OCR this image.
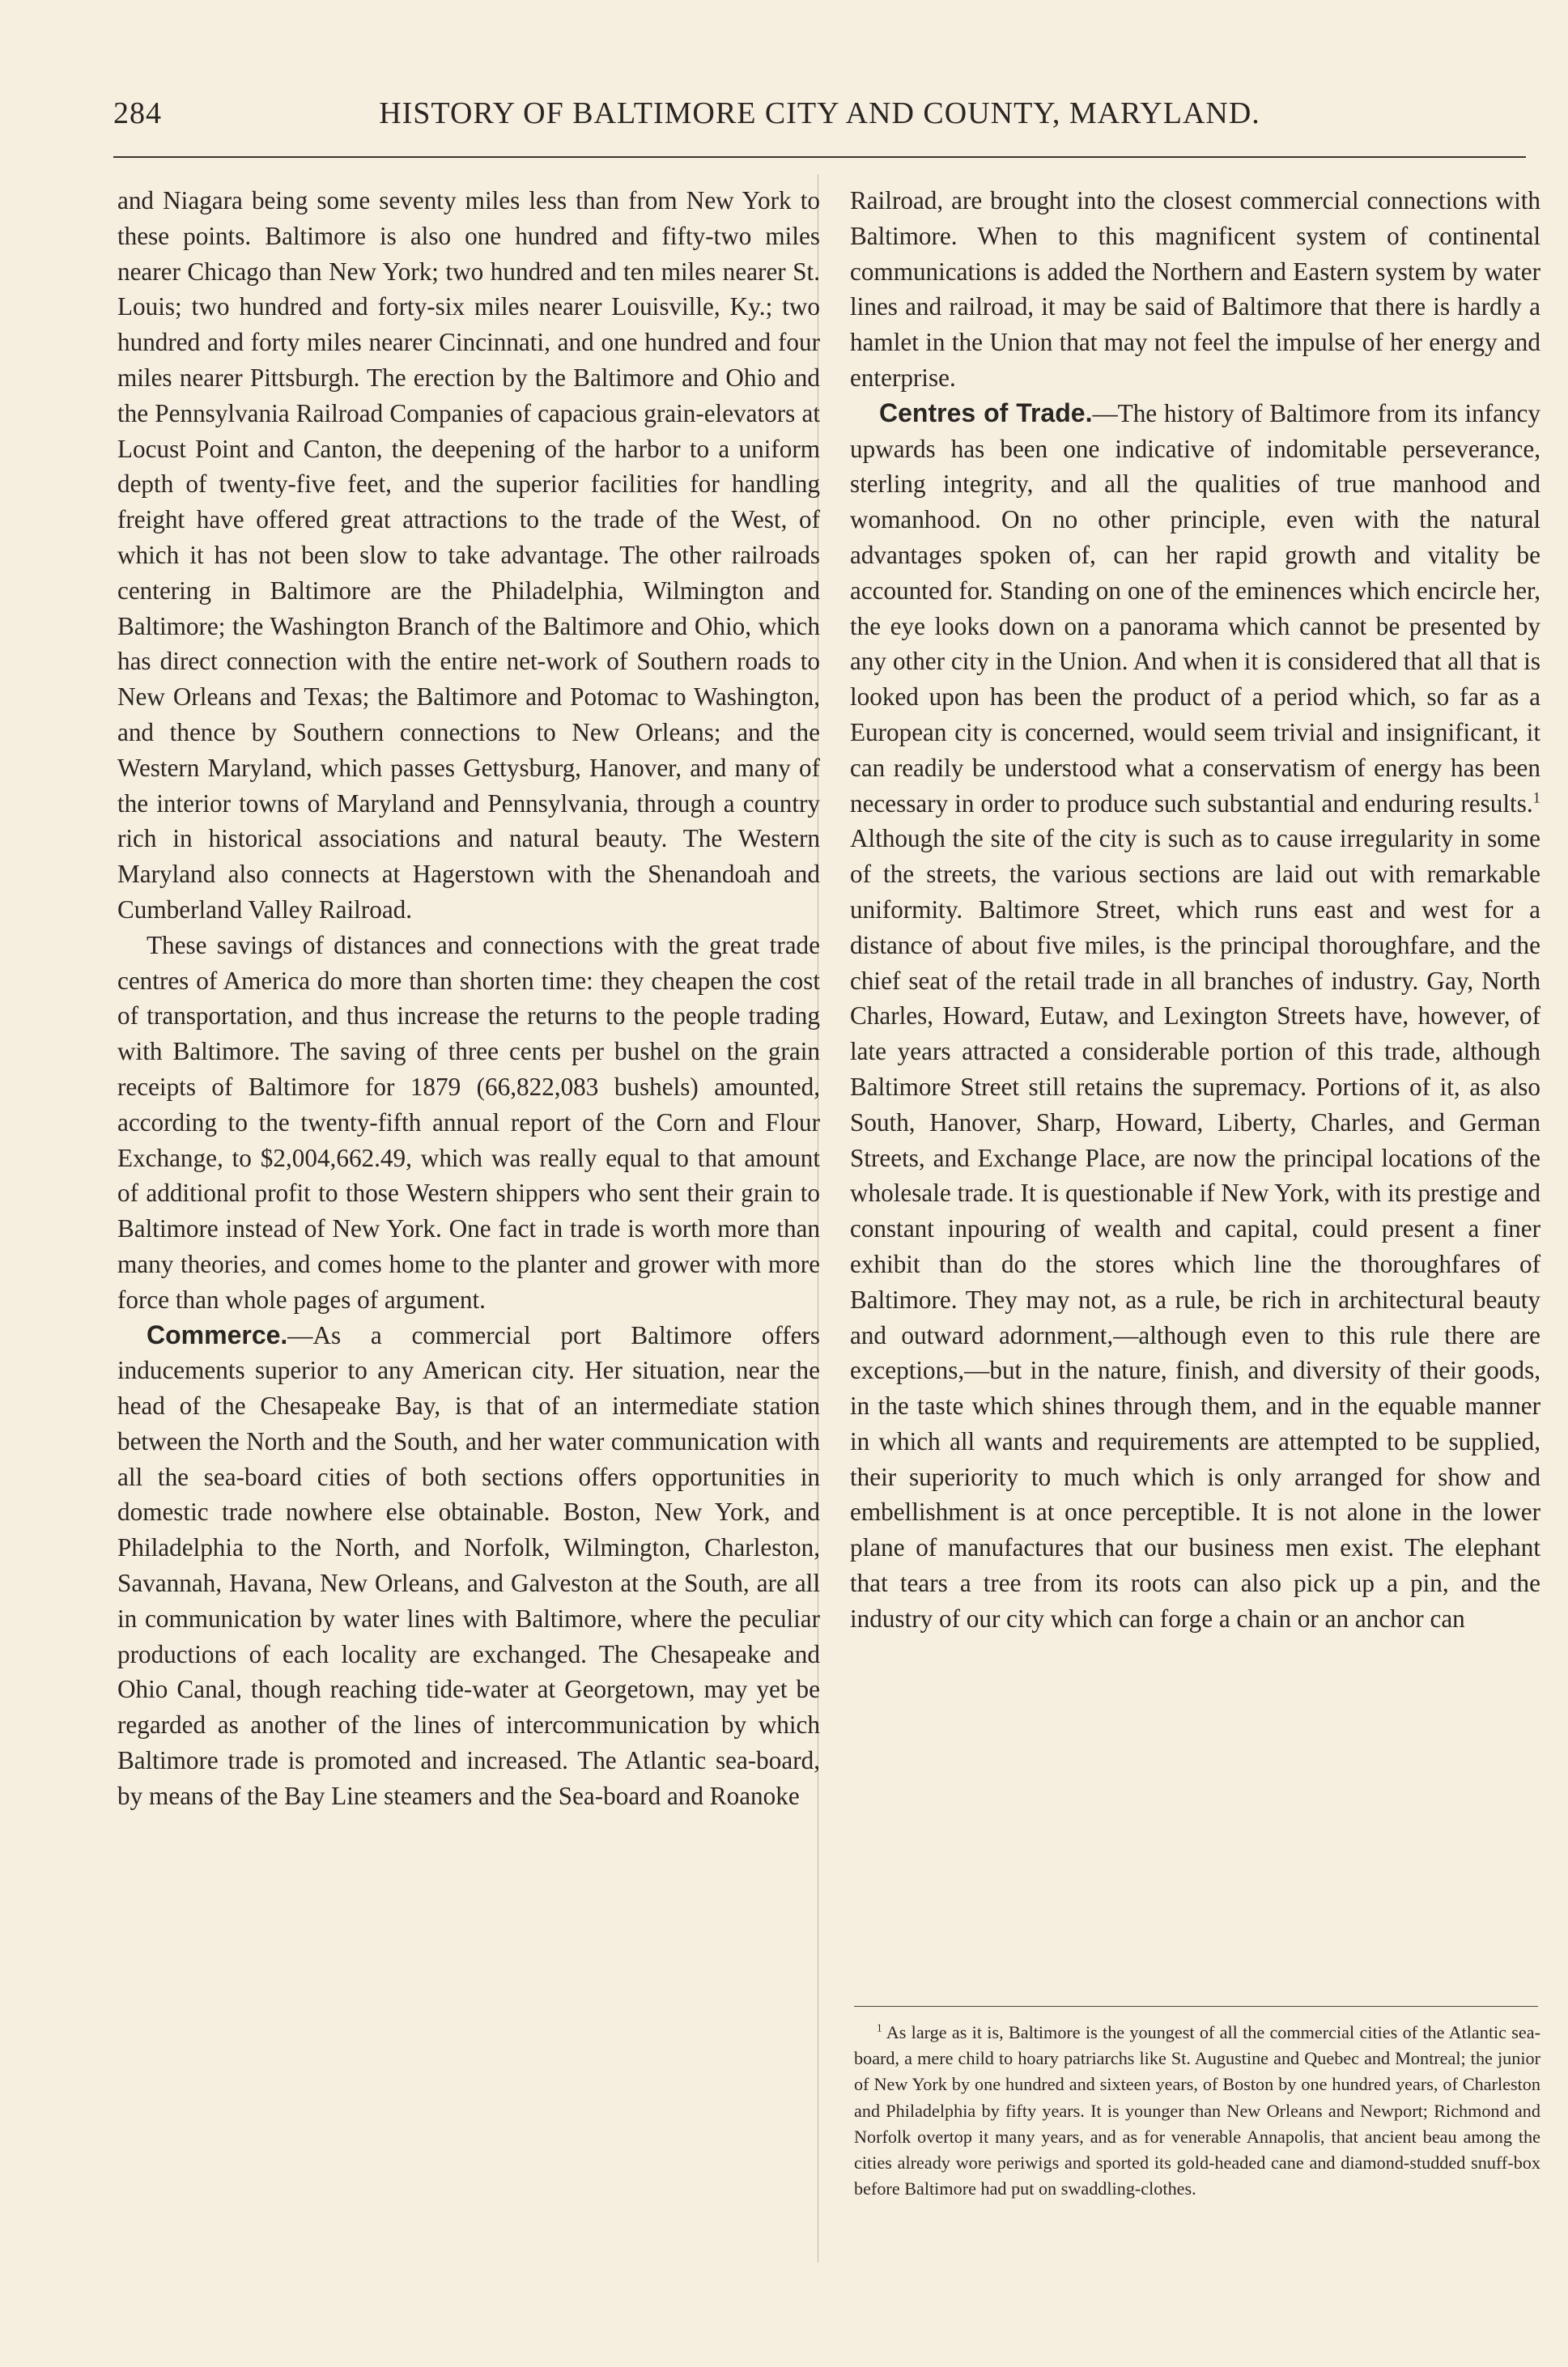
284	HISTORY OF BALTIMORE CITY AND COUNTY, MARYLAND.

and Niagara being some seventy miles less than from New York to these points. Baltimore is also one hundred and fifty-two miles nearer Chicago than New York; two hundred and ten miles nearer St. Louis; two hundred and forty-six miles nearer Louisville, Ky.; two hundred and forty miles nearer Cincinnati, and one hundred and four miles nearer Pittsburgh. The erection by the Baltimore and Ohio and the Pennsylvania Railroad Companies of capacious grain-elevators at Locust Point and Canton, the deepening of the harbor to a uniform depth of twenty-five feet, and the superior facilities for handling freight have offered great attractions to the trade of the West, of which it has not been slow to take advantage. The other railroads centering in Baltimore are the Philadelphia, Wilmington and Baltimore; the Washington Branch of the Baltimore and Ohio, which has direct connection with the entire net-work of Southern roads to New Orleans and Texas; the Baltimore and Potomac to Washington, and thence by Southern connections to New Orleans; and the Western Maryland, which passes Gettysburg, Hanover, and many of the interior towns of Maryland and Pennsylvania, through a country rich in historical associations and natural beauty. The Western Maryland also connects at Hagerstown with the Shenandoah and Cumberland Valley Railroad.

These savings of distances and connections with the great trade centres of America do more than shorten time: they cheapen the cost of transportation, and thus increase the returns to the people trading with Baltimore. The saving of three cents per bushel on the grain receipts of Baltimore for 1879 (66,822,083 bushels) amounted, according to the twenty-fifth annual report of the Corn and Flour Exchange, to $2,004,662.49, which was really equal to that amount of additional profit to those Western shippers who sent their grain to Baltimore instead of New York. One fact in trade is worth more than many theories, and comes home to the planter and grower with more force than whole pages of argument.

Commerce.—As a commercial port Baltimore offers inducements superior to any American city. Her situation, near the head of the Chesapeake Bay, is that of an intermediate station between the North and the South, and her water communication with all the sea-board cities of both sections offers opportunities in domestic trade nowhere else obtainable. Boston, New York, and Philadelphia to the North, and Norfolk, Wilmington, Charleston, Savannah, Havana, New Orleans, and Galveston at the South, are all in communication by water lines with Baltimore, where the peculiar productions of each locality are exchanged. The Chesapeake and Ohio Canal, though reaching tide-water at Georgetown, may yet be regarded as another of the lines of intercommunication by which Baltimore trade is promoted and increased. The Atlantic sea-board, by means of the Bay Line steamers and the Sea-board and Roanoke

Railroad, are brought into the closest commercial connections with Baltimore. When to this magnificent system of continental communications is added the Northern and Eastern system by water lines and railroad, it may be said of Baltimore that there is hardly a hamlet in the Union that may not feel the impulse of her energy and enterprise.

Centres of Trade.—The history of Baltimore from its infancy upwards has been one indicative of indomitable perseverance, sterling integrity, and all the qualities of true manhood and womanhood. On no other principle, even with the natural advantages spoken of, can her rapid growth and vitality be accounted for. Standing on one of the eminences which encircle her, the eye looks down on a panorama which cannot be presented by any other city in the Union. And when it is considered that all that is looked upon has been the product of a period which, so far as a European city is concerned, would seem trivial and insignificant, it can readily be understood what a conservatism of energy has been necessary in order to produce such substantial and enduring results.$^1$ Although the site of the city is such as to cause irregularity in some of the streets, the various sections are laid out with remarkable uniformity. Baltimore Street, which runs east and west for a distance of about five miles, is the principal thoroughfare, and the chief seat of the retail trade in all branches of industry. Gay, North Charles, Howard, Eutaw, and Lexington Streets have, however, of late years attracted a considerable portion of this trade, although Baltimore Street still retains the supremacy. Portions of it, as also South, Hanover, Sharp, Howard, Liberty, Charles, and German Streets, and Exchange Place, are now the principal locations of the wholesale trade. It is questionable if New York, with its prestige and constant inpouring of wealth and capital, could present a finer exhibit than do the stores which line the thoroughfares of Baltimore. They may not, as a rule, be rich in architectural beauty and outward adornment,—although even to this rule there are exceptions,—but in the nature, finish, and diversity of their goods, in the taste which shines through them, and in the equable manner in which all wants and requirements are attempted to be supplied, their superiority to much which is only arranged for show and embellishment is at once perceptible. It is not alone in the lower plane of manufactures that our business men exist. The elephant that tears a tree from its roots can also pick up a pin, and the industry of our city which can forge a chain or an anchor can

$^1$ As large as it is, Baltimore is the youngest of all the commercial cities of the Atlantic sea-board, a mere child to hoary patriarchs like St. Augustine and Quebec and Montreal; the junior of New York by one hundred and sixteen years, of Boston by one hundred years, of Charleston and Philadelphia by fifty years. It is younger than New Orleans and Newport; Richmond and Norfolk overtop it many years, and as for venerable Annapolis, that ancient beau among the cities already wore periwigs and sported its gold-headed cane and diamond-studded snuff-box before Baltimore had put on swaddling-clothes.
